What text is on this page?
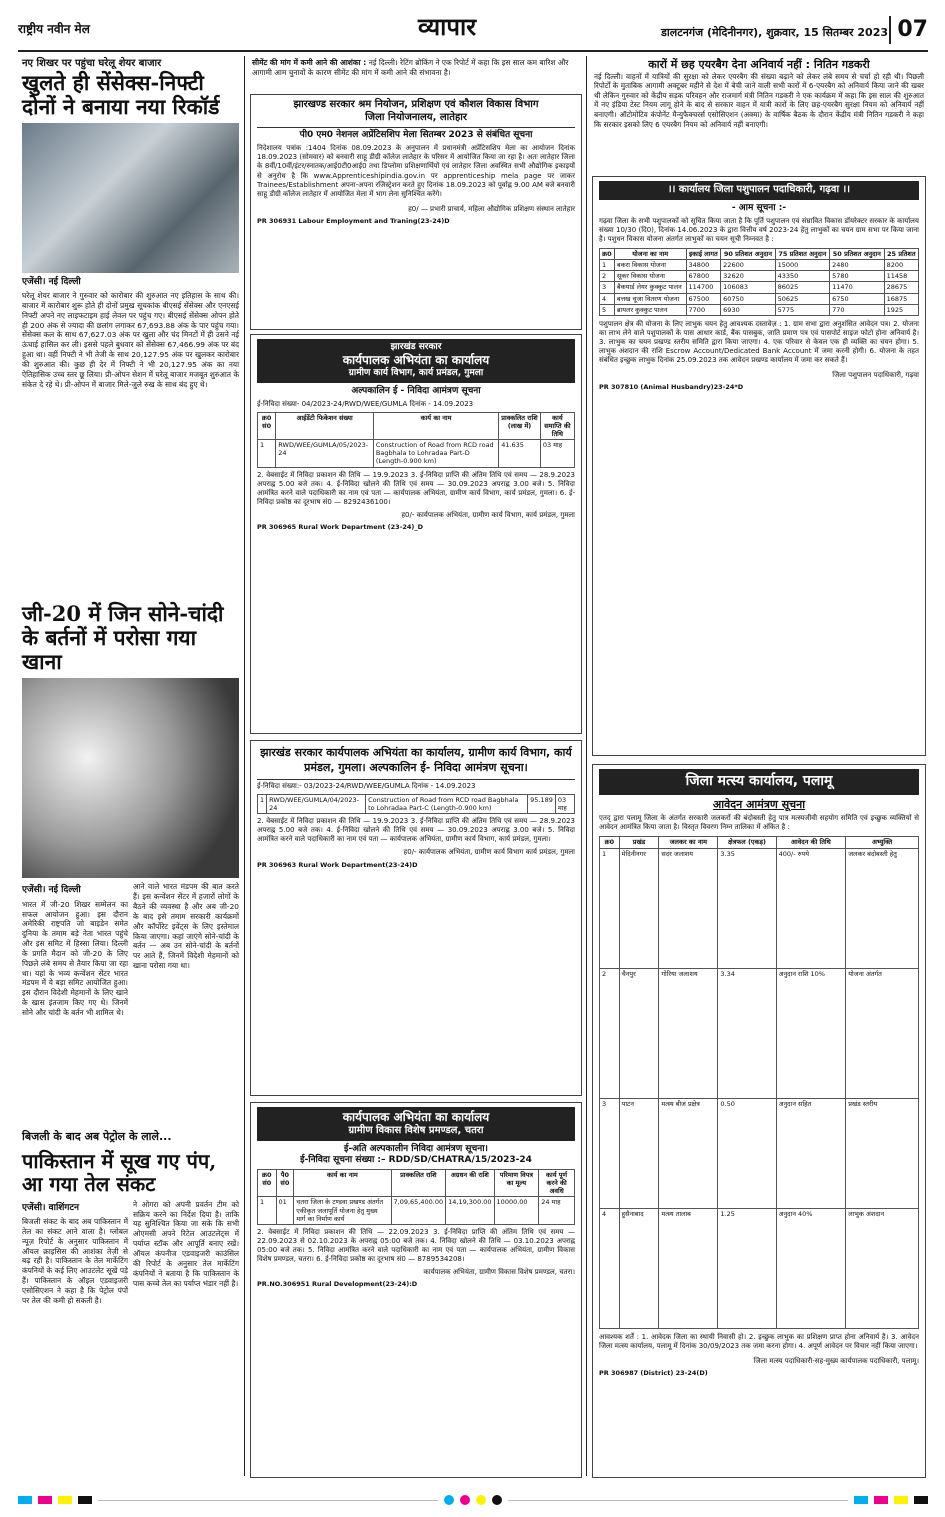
राष्ट्रीय नवीन मेल	व्यापार	डालटनगंज (मेदिनीनगर), शुक्रवार, 15 सितम्बर 2023 07
नए शिखर पर पहुंचा घरेलू शेयर बाजार
खुलते ही सेंसेक्स-निफ्टी दोनों ने बनाया नया रिकॉर्ड
एजेंसी। नई दिल्ली
घरेलू शेयर बाजार ने गुरुवार को कारोबार की शुरुआत नए इतिहास के साथ की। बाजार में कारोबार शुरू होते ही दोनों प्रमुख सूचकांक बीएसई सेंसेक्स और एनएसई निफ्टी अपने नए लाइफटाइम हाई लेवल पर पहुंच गए। बीएसई सेंसेक्स ओपन होते ही 200 अंक से ज्यादा की छलांग लगाकर 67,693.88 अंक के पार पहुंच गया। सेंसेक्स कल के साथ 67,627.03 अंक पर खुला और चंद मिनटों में ही उसने नई ऊंचाई हासिल कर ली। इससे पहले बुधवार को सेंसेक्स 67,466.99 अंक पर बंद हुआ था। वहीं निफ्टी ने भी तेजी के साथ 20,127.95 अंक पर खुलकर कारोबार की शुरुआत की। कुछ ही देर में निफ्टी ने भी 20,127.95 अंक का नया ऐतिहासिक उच्च स्तर छू लिया। प्री-ओपन सेशन में घरेलू बाजार मजबूत शुरुआत के संकेत दे रहे थे। प्री-ओपन में बाजार मिले-जुले रुख के साथ बंद हुए थे।
जी-20 में जिन सोने-चांदी के बर्तनों में परोसा गया खाना
एजेंसी। नई दिल्ली
भारत में जी-20 शिखर सम्मेलन का सफल आयोजन हुआ। इस दौरान अमेरिकी राष्ट्रपति जो बाइडेन समेत दुनिया के तमाम बड़े नेता भारत पहुंचे और इस समिट में हिस्सा लिया। दिल्ली के प्रगति मैदान को जी-20 के लिए पिछले लंबे समय से तैयार किया जा रहा था। यहां के भव्य कन्वेंशन सेंटर भारत मंडपम में ये बड़ा समिट आयोजित हुआ। इस दौरान विदेशी मेहमानों के लिए खाने के खास इंतजाम किए गए थे। जिनमें सोने और चांदी के बर्तन भी शामिल थे।
आने वाले भारत मंडपम की बात करते हैं। इस कन्वेंशन सेंटर में हजारों लोगों के बैठने की व्यवस्था है और अब जी-20 के बाद इसे तमाम सरकारी कार्यक्रमों और कॉर्पोरेट इवेंट्स के लिए इस्तेमाल किया जाएगा। कहां जाएंगे सोने-चांदी के बर्तन — अब उन सोने-चांदी के बर्तनों पर आते हैं, जिनमें विदेशी मेहमानों को खाना परोसा गया था।
बिजली के बाद अब पेट्रोल के लाले...
पाकिस्तान में सूख गए पंप, आ गया तेल संकट
एजेंसी। वाशिंगटन
बिजली संकट के बाद अब पाकिस्तान में तेल का संकट आने वाला है। ग्लोबल न्यूज़ रिपोर्ट के अनुसार पाकिस्तान में ऑयल क्राइसिस की आशंका तेज़ी से बढ़ रही है। पाकिस्तान के तेल मार्केटिंग कंपनियों के कई लिए आउटलेट सूखे पड़े हैं। पाकिस्तान के ऑइल एडवाइजरी एसोसिएशन ने कहा है कि पेट्रोल पंपों पर तेल की कमी हो सकती है।
ने ओगरा को अपनी प्रवर्तन टीम को सक्रिय करने का निर्देश दिया है। ताकि यह सुनिश्चित किया जा सके कि सभी ओएमसी अपने रिटेल आउटलेट्स में पर्याप्त स्टॉक और आपूर्ति बनाए रखें। ऑयल कंपनीज एडवाइजरी काउंसिल की रिपोर्ट के अनुसार तेल मार्केटिंग कंपनियों ने बताया है कि पाकिस्तान के पास कच्चे तेल का पर्याप्त भंडार नहीं है।
सीमेंट की मांग में कमी आने की आशंका : नई दिल्ली। रेटिंग ब्रोकिंग ने एक रिपोर्ट में कहा कि इस साल कम बारिश और आगामी आम चुनावों के कारण सीमेंट की मांग में कमी आने की संभावना है।
झारखण्ड सरकार श्रम नियोजन, प्रशिक्षण एवं कौशल विकास विभाग
जिला नियोजनालय, लातेहार
पी0 एम0 नेशनल अप्रेंटिसशिप मेला सितम्बर 2023 से संबंधित सूचना
निदेशालय पत्रांक :1404 दिनांक 08.09.2023 के अनुपालन में प्रधानमंत्री अप्रेंटिसशिप मेला का आयोजन दिनांक 18.09.2023 (सोमवार) को बनवारी साहू डीग्री कॉलेज लातेहार के परिसर में आयोजित किया जा रहा है। अतः लातेहार जिला के 8वीं/10वीं/इंटर/स्नातक/आई0टी0आई0 तथा डिप्लोमा प्रशिक्षणार्थियों एवं लातेहार जिला अवस्थित सभी औद्योगिक इकाइयों से अनुरोध है कि www.Apprenticeshipindia.gov.in पर apprenticeship mela page पर जाकर Trainees/Establishment अपना-अपना रजिस्ट्रेशन करते हुए दिनांक 18.09.2023 को पूर्वाह्न 9.00 AM बजे बनवारी साहू डीग्री कॉलेज लातेहार में आयोजित मेला में भाग लेना सुनिश्चित करेंगे।
ह0/ — प्रभारी प्राचार्य, महिला औद्योगिक प्रशिक्षण संस्थान लातेहार
PR 306931 Labour Employment and Traning(23-24)D
झारखंड सरकार
कार्यपालक अभियंता का कार्यालय
ग्रामीण कार्य विभाग, कार्य प्रमंडल, गुमला
अल्पकालिन ई - निविदा आमंत्रण सूचना
ई-निविदा संख्या- 04/2023-24/RWD/WEE/GUMLA दिनांक - 14.09.2023
क्र0 सं0	आईडेंटी फिकेशन संख्या	कार्य का नाम	प्राक्कलित राशि (लाख में)	कार्य समाप्ति की तिथि
1	RWD/WEE/GUMLA/05/2023-24	Construction of Road from RCD road Bagbhala to Lohradaa Part-D (Length-0.900 km)	41.635	03 माह
2. वेबसाईट में निविदा प्रकाशन की तिथि — 19.9.2023 3. ई-निविदा प्राप्ति की अंतिम तिथि एवं समय — 28.9.2023 अपराह्न 5.00 बजे तक। 4. ई-निविदा खोलने की तिथि एवं समय — 30.09.2023 अपराह्न 3.00 बजे। 5. निविदा आमंत्रित करने वाले पदाधिकारी का नाम एवं पता — कार्यपालक अभियंता, ग्रामीण कार्य विभाग, कार्य प्रमंडल, गुमला। 6. ई-निविदा प्रकोष्ठ का दूरभाष सं0 — 8292436100।
ह0/- कार्यपालक अभियंता, ग्रामीण कार्य विभाग, कार्य प्रमंडल, गुमला
PR 306965 Rural Work Department (23-24)_D
झारखंड सरकार कार्यपालक अभियंता का कार्यालय, ग्रामीण कार्य विभाग, कार्य प्रमंडल, गुमला। अल्पकालिन ई- निविदा आमंत्रण सूचना।
ई-निविदा संख्या:- 03/2023-24/RWD/WEE/GUMLA दिनांक - 14.09.2023
1	RWD/WEE/GUMLA/04/2023-24	Construction of Road from RCD road Bagbhala to Lohradaa Part-C (Length-0.900 km)	95.189	03 माह
2. वेबसाईट में निविदा प्रकाशन की तिथि — 19.9.2023 3. ई-निविदा प्राप्ति की अंतिम तिथि एवं समय — 28.9.2023 अपराह्न 5.00 बजे तक। 4. ई-निविदा खोलने की तिथि एवं समय — 30.09.2023 अपराह्न 3.00 बजे। 5. निविदा आमंत्रित करने वाले पदाधिकारी का नाम एवं पता — कार्यपालक अभियंता, ग्रामीण कार्य विभाग, कार्य प्रमंडल, गुमला।
ह0/- कार्यपालक अभियंता, ग्रामीण कार्य विभाग कार्य प्रमंडल, गुमला
PR 306963 Rural Work Department(23-24)D
कार्यपालक अभियंता का कार्यालय
ग्रामीण विकास विशेष प्रमण्डल, चतरा
ई-अति अल्पकालीन निविदा आमंत्रण सूचना।
ई-निविदा सूचना संख्या :– RDD/SD/CHATRA/15/2023-24
क्र0 सं0	पै0 सं0	कार्य का नाम	प्राक्कलित राशि	अग्रधन की राशि	परिमाण विपत्र का मूल्य	कार्य पूर्ण करने की अवधि
1	01	चतरा जिला के टण्डवा प्रखण्ड अंतर्गत एकीकृत जलापूर्ति योजना हेतु मुख्य मार्ग का निर्माण कार्य	7,09,65,400.00	14,19,300.00	10000.00	24 माह
2. वेबसाईट में निविदा प्रकाशन की तिथि — 22.09.2023 3. ई-निविदा प्राप्ति की अंतिम तिथि एवं समय — 22.09.2023 से 02.10.2023 के अपराह्न 05:00 बजे तक। 4. निविदा खोलने की तिथि — 03.10.2023 अपराह्न 05:00 बजे तक। 5. निविदा आमंत्रित करने वाले पदाधिकारी का नाम एवं पता — कार्यपालक अभियंता, ग्रामीण विकास विशेष प्रमण्डल, चतरा। 6. ई-निविदा प्रकोष्ठ का दूरभाष सं0 — 8789534208।
कार्यपालक अभियंता, ग्रामीण विकास विशेष प्रमण्डल, चतरा।
PR.NO.306951 Rural Development(23-24):D
कारों में छह एयरबैग देना अनिवार्य नहीं : नितिन गडकरी
नई दिल्ली। वाहनों में यात्रियों की सुरक्षा को लेकर एयरबैग की संख्या बढ़ाने को लेकर लंबे समय से चर्चा हो रही थी। पिछली रिपोर्टों के मुताबिक आगामी अक्टूबर महीने से देश में बेची जाने वाली सभी कारों में 6-एयरबैग को अनिवार्य किया जाने की खबर थी लेकिन गुरुवार को केंद्रीय सड़क परिवहन और राजमार्ग मंत्री नितिन गडकरी ने एक कार्यक्रम में कहा कि इस साल की शुरुआत में नए इंडिया टेस्ट नियम लागू होने के बाद से सरकार वाहन में यात्री कारों के लिए छह-एयरबैग सुरक्षा नियम को अनिवार्य नहीं बनाएगी। ऑटोमोटिव कंपोनेंट मैन्युफैक्चरर्स एसोसिएशन (अक्मा) के वार्षिक बैठक के दौरान केंद्रीय मंत्री नितिन गडकरी ने कहा कि सरकार इसको लिए 6 एयरबैग नियम को अनिवार्य नहीं बनाएगी।
।। कार्यालय जिला पशुपालन पदाधिकारी, गढ़वा ।।
- आम सूचना :-
गढ़वा जिला के सभी पशुपालकों को सूचित किया जाता है कि पूर्ति पशुपालन एवं संघ्रावित विकास डॉयरेक्टर सरकार के कार्यालय संख्या 10/30 (दि0), दिनांक 14.06.2023 के द्वारा वित्तीय वर्ष 2023-24 हेतु लाभुकों का चयन ग्राम सभा पर किया जाना है। पशुधन विकास योजना अंतर्गत लाभुकों का चयन सूची निम्नवत है :
क्र0	योजना का नाम	इकाई लागत	90 प्रतिशत अनुदान	75 प्रतिशत अनुदान	50 प्रतिशत अनुदान	25 प्रतिशत
1	बकरा विकास योजना	34800	22600	15000	2480	8200
2	सूकर विकास योजना	67800	32620	43350	5780	11458
3	बैकयार्ड लेयर कुक्कुट पालन	114700	106083	86025	11470	28675
4	बत्तख चूजा वितरण योजना	67500	60750	50625	6750	16875
5	ब्रायलर कुक्कुट पालन	7700	6930	5775	770	1925
पशुपालन क्षेत्र की योजना के लिए लाभुक चयन हेतु आवश्यक दस्तावेज़ : 1. ग्राम सभा द्वारा अनुशंसित आवेदन पत्र। 2. योजना का लाभ लेने वाले पशुपालकों के पास आधार कार्ड, बैंक पासबुक, जाति प्रमाण पत्र एवं पासपोर्ट साइज फोटो होना अनिवार्य है। 3. लाभुक का चयन प्रखण्ड स्तरीय समिति द्वारा किया जाएगा। 4. एक परिवार से केवल एक ही व्यक्ति का चयन होगा। 5. लाभुक अंशदान की राशि Escrow Account/Dedicated Bank Account में जमा करनी होगी। 6. योजना के तहत संबंधित इच्छुक लाभुक दिनांक 25.09.2023 तक आवेदन प्रखण्ड कार्यालय में जमा कर सकते हैं।
जिला पशुपालन पदाधिकारी, गढ़वा
PR 307810 (Animal Husbandry)23-24*D
जिला मत्स्य कार्यालय, पलामू
आवेदन आमंत्रण सूचना
एतद् द्वारा पलामू जिला के अंतर्गत सरकारी जलकरों की बंदोबस्ती हेतु पात्र मत्स्यजीवी सहयोग समिति एवं इच्छुक व्यक्तियों से आवेदन आमंत्रित किया जाता है। विस्तृत विवरण निम्न तालिका में अंकित है :
क्र0	प्रखंड	जलकर का नाम	क्षेत्रफल (एकड़)	आवेदन की तिथि	अभ्युक्ति
1	मेदिनीनगर	सदर जलाशय	3.35	400/- रुपये	जलकर बंदोबस्ती हेतु
2	चैनपुर	गोरिया जलाशय	3.34	अनुदान राशि 10%	योजना अंतर्गत
3	पाटन	मत्स्य बीज प्रक्षेत्र	0.50	अनुदान सहित	प्रखंड स्तरीय
4	हुसैनाबाद	मत्स्य तालाब	1.25	अनुदान 40%	लाभुक अंशदान
आवश्यक शर्तें : 1. आवेदक जिला का स्थायी निवासी हो। 2. इच्छुक लाभुक का प्रशिक्षण प्राप्त होना अनिवार्य है। 3. आवेदन जिला मत्स्य कार्यालय, पलामू में दिनांक 30/09/2023 तक जमा करना होगा। 4. अपूर्ण आवेदन पर विचार नहीं किया जाएगा।
जिला मत्स्य पदाधिकारी-सह-मुख्य कार्यपालक पदाधिकारी, पलामू।
PR 306987 (District) 23-24(D)
